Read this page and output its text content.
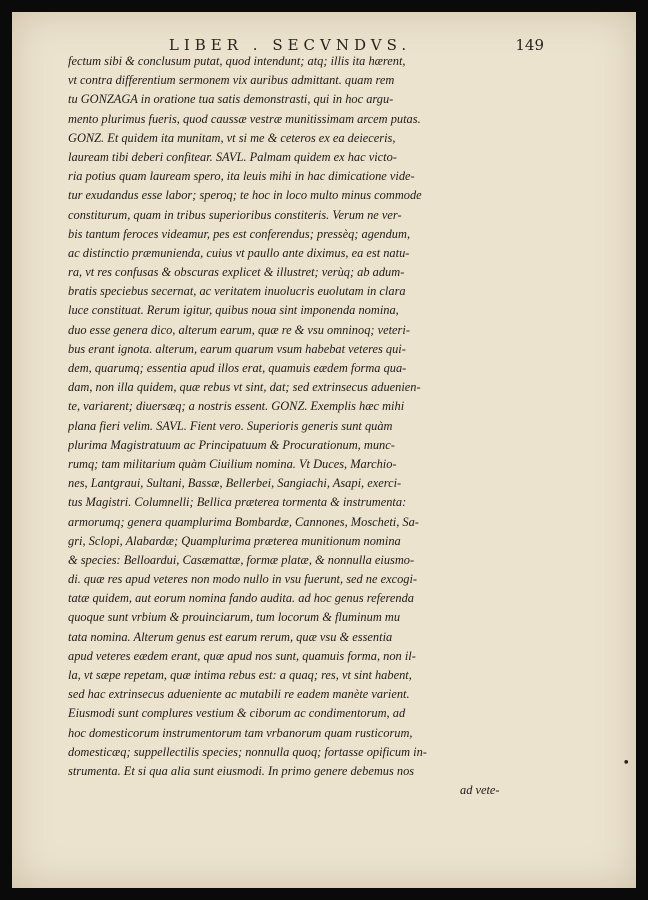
LIBER . SECVNDVS.	149
fectum sibi & conclusum putat, quod intendunt; atq; illis ita hærent,
vt contra differentium sermonem vix auribus admittant. quam rem
tu GONZAGA in oratione tua satis demonstrasti, qui in hoc argu-
mento plurimus fueris, quod caussæ vestræ munitissimam arcem putas.
GONZ. Et quidem ita munitam, vt si me & ceteros ex ea deieceris,
lauream tibi deberi confitear. SAVL. Palmam quidem ex hac victo-
ria potius quam lauream spero, ita leuis mihi in hac dimicatione vide-
tur exudandus esse labor; speroq; te hoc in loco multo minus commode
constiturum, quam in tribus superioribus constiteris. Verum ne ver-
bis tantum feroces videamur, pes est conferendus; pressèq; agendum,
ac distinctio præmunienda, cuius vt paullo ante diximus, ea est natu-
ra, vt res confusas & obscuras explicet & illustret; verùq; ab adum-
bratis speciebus secernat, ac veritatem inuolucris euolutam in clara
luce constituat. Rerum igitur, quibus noua sint imponenda nomina,
duo esse genera dico, alterum earum, quæ re & vsu omninoq; veteri-
bus erant ignota. alterum, earum quarum vsum habebat veteres qui-
dem, quarumq; essentia apud illos erat, quamuis eædem forma qua-
dam, non illa quidem, quæ rebus vt sint, dat; sed extrinsecus aduenien-
te, variarent; diuersæq; a nostris essent. GONZ. Exemplis hæc mihi
plana fieri velim. SAVL. Fient vero. Superioris generis sunt quàm
plurima Magistratuum ac Principatuum & Procurationum, munc-
rumq; tam militarium quàm Ciuilium nomina. Vt Duces, Marchio-
nes, Lantgraui, Sultani, Bassæ, Bellerbei, Sangiachi, Asapi, exerci-
tus Magistri. Columnelli; Bellica præterea tormenta & instrumenta:
armorumq; genera quamplurima Bombardæ, Cannones, Moscheti, Sa-
gri, Sclopi, Alabardæ; Quamplurima præterea munitionum nomina
& species: Belloardui, Casæmattæ, formæ platæ, & nonnulla eiusmo-
di. quæ res apud veteres non modo nullo in vsu fuerunt, sed ne excogi-
tatæ quidem, aut eorum nomina fando audita. ad hoc genus referenda
quoque sunt vrbium & prouinciarum, tum locorum & fluminum mu
tata nomina. Alterum genus est earum rerum, quæ vsu & essentia
apud veteres eædem erant, quæ apud nos sunt, quamuis forma, non il-
la, vt sæpe repetam, quæ intima rebus est: a quaq; res, vt sint habent,
sed hac extrinsecus adueniente ac mutabili re eadem manète varient.
Eiusmodi sunt complures vestium & ciborum ac condimentorum, ad
hoc domesticorum instrumentorum tam vrbanorum quam rusticorum,
domesticæq; suppellectilis species; nonnulla quoq; fortasse opificum in-
strumenta. Et si qua alia sunt eiusmodi. In primo genere debemus nos
ad vete-
•
